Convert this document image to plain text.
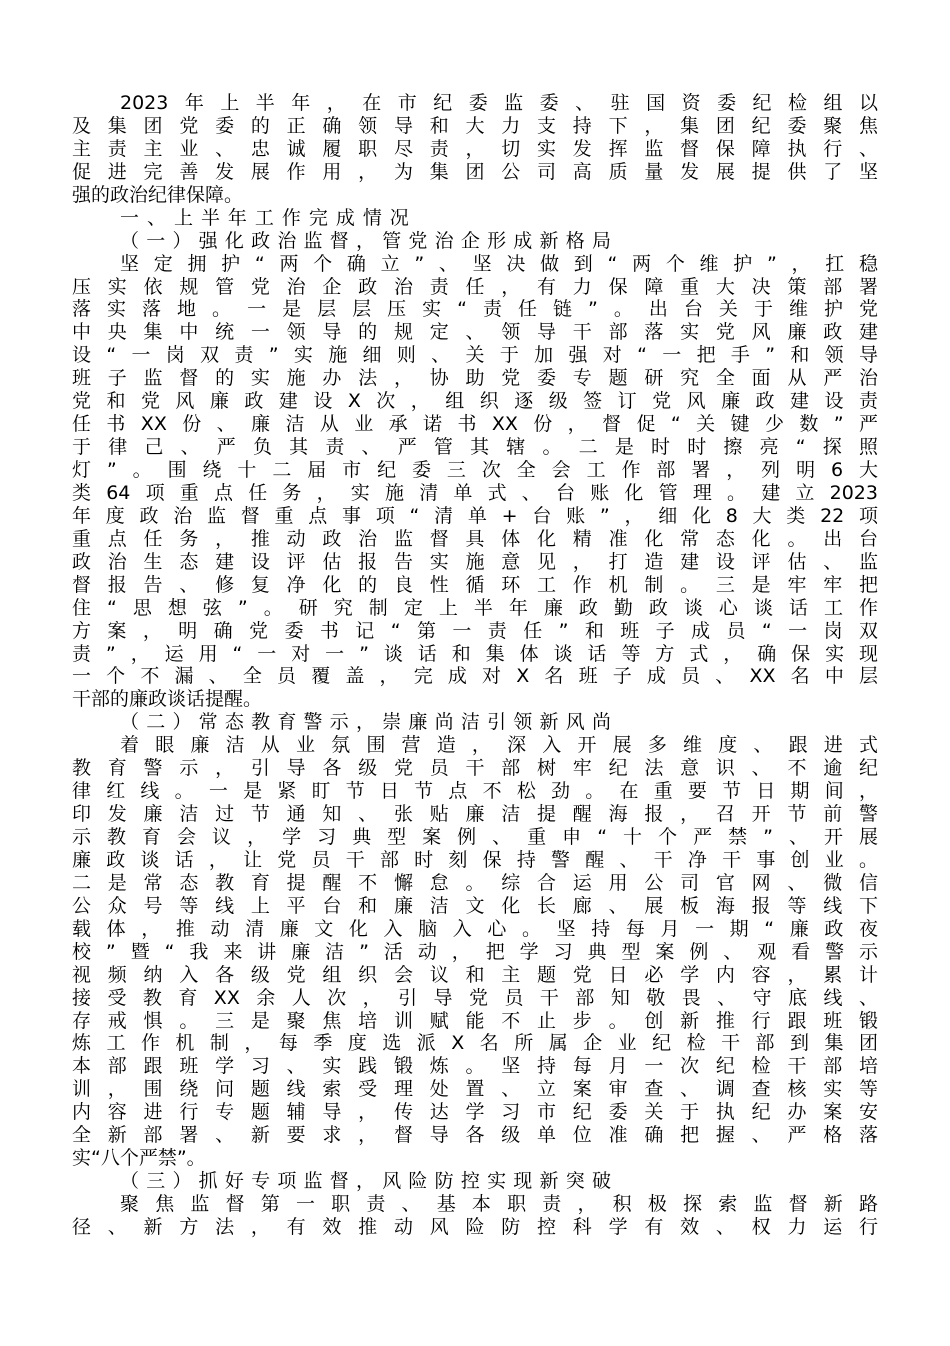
2023年上半年，在市纪委监委、驻国资委纪检组以
及集团党委的正确领导和大力支持下，集团纪委聚焦
主责主业、忠诚履职尽责，切实发挥监督保障执行、
促进完善发展作用，为集团公司高质量发展提供了坚
强的政治纪律保障。
一、上半年工作完成情况
（一）强化政治监督，管党治企形成新格局
坚定拥护“两个确立”、坚决做到“两个维护”，扛稳
压实依规管党治企政治责任，有力保障重大决策部署
落实落地。一是层层压实“责任链”。出台关于维护党
中央集中统一领导的规定、领导干部落实党风廉政建
设“一岗双责”实施细则、关于加强对“一把手”和领导
班子监督的实施办法，协助党委专题研究全面从严治
党和党风廉政建设X次，组织逐级签订党风廉政建设责
任书XX份、廉洁从业承诺书XX份，督促“关键少数”严
于律己、严负其责、严管其辖。二是时时擦亮“探照
灯”。围绕十二届市纪委三次全会工作部署，列明6大
类64项重点任务，实施清单式、台账化管理。建立2023
年度政治监督重点事项“清单+台账”，细化8大类22项
重点任务，推动政治监督具体化精准化常态化。出台
政治生态建设评估报告实施意见，打造建设评估、监
督报告、修复净化的良性循环工作机制。三是牢牢把
住“思想弦”。研究制定上半年廉政勤政谈心谈话工作
方案，明确党委书记“第一责任”和班子成员“一岗双
责”，运用“一对一”谈话和集体谈话等方式，确保实现
一个不漏、全员覆盖，完成对X名班子成员、XX名中层
干部的廉政谈话提醒。
（二）常态教育警示，崇廉尚洁引领新风尚
着眼廉洁从业氛围营造，深入开展多维度、跟进式
教育警示，引导各级党员干部树牢纪法意识、不逾纪
律红线。一是紧盯节日节点不松劲。在重要节日期间，
印发廉洁过节通知、张贴廉洁提醒海报，召开节前警
示教育会议，学习典型案例、重申“十个严禁”、开展
廉政谈话，让党员干部时刻保持警醒、干净干事创业。
二是常态教育提醒不懈怠。综合运用公司官网、微信
公众号等线上平台和廉洁文化长廊、展板海报等线下
载体，推动清廉文化入脑入心。坚持每月一期“廉政夜
校”暨“我来讲廉洁”活动，把学习典型案例、观看警示
视频纳入各级党组织会议和主题党日必学内容，累计
接受教育XX余人次，引导党员干部知敬畏、守底线、
存戒惧。三是聚焦培训赋能不止步。创新推行跟班锻
炼工作机制，每季度选派X名所属企业纪检干部到集团
本部跟班学习、实践锻炼。坚持每月一次纪检干部培
训，围绕问题线索受理处置、立案审查、调查核实等
内容进行专题辅导，传达学习市纪委关于执纪办案安
全新部署、新要求，督导各级单位准确把握、严格落
实“八个严禁”。
（三）抓好专项监督，风险防控实现新突破
聚焦监督第一职责、基本职责，积极探索监督新路
径、新方法，有效推动风险防控科学有效、权力运行
